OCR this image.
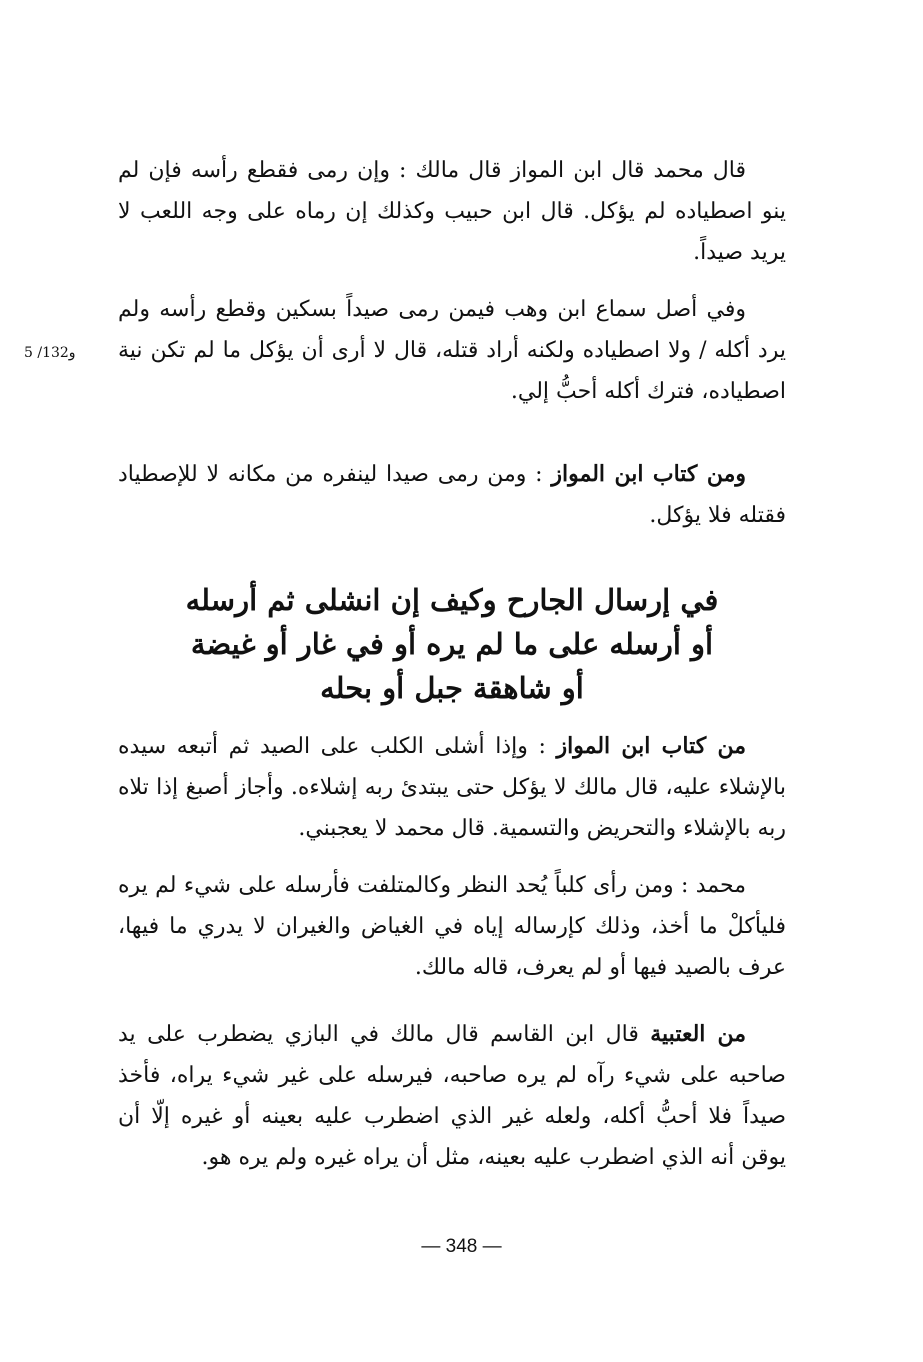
قال محمد قال ابن المواز قال مالك : وإن رمى فقطع رأسه فإن لم ينو اصطياده لم يؤكل. قال ابن حبيب وكذلك إن رماه على وجه اللعب لا يريد صيداً.

وفي أصل سماع ابن وهب فيمن رمى صيداً بسكين وقطع رأسه ولم يرد أكله / ولا اصطياده ولكنه أراد قتله، قال لا أرى أن يؤكل ما لم تكن نية اصطياده، فترك أكله أحبُّ إلي.

ومن كتاب ابن المواز : ومن رمى صيدا لينفره من مكانه لا للإصطياد فقتله فلا يؤكل.

في إرسال الجارح وكيف إن انشلى ثم أرسله
أو أرسله على ما لم يره أو في غار أو غيضة
أو شاهقة جبل أو بحله

من كتاب ابن المواز : وإذا أشلى الكلب على الصيد ثم أتبعه سيده بالإشلاء عليه، قال مالك لا يؤكل حتى يبتدئ ربه إشلاءه. وأجاز أصبغ إذا تلاه ربه بالإشلاء والتحريض والتسمية. قال محمد لا يعجبني.

محمد : ومن رأى كلباً يُحد النظر وكالمتلفت فأرسله على شيء لم يره فليأكلْ ما أخذ، وذلك كإرساله إياه في الغياض والغيران لا يدري ما فيها، عرف بالصيد فيها أو لم يعرف، قاله مالك.

من العتبية قال ابن القاسم قال مالك في البازي يضطرب على يد صاحبه على شيء رآه لم يره صاحبه، فيرسله على غير شيء يراه، فأخذ صيداً فلا أحبُّ أكله، ولعله غير الذي اضطرب عليه بعينه أو غيره إلّا أن يوقن أنه الذي اضطرب عليه بعينه، مثل أن يراه غيره ولم يره هو.

5 /132و
— 348 —
